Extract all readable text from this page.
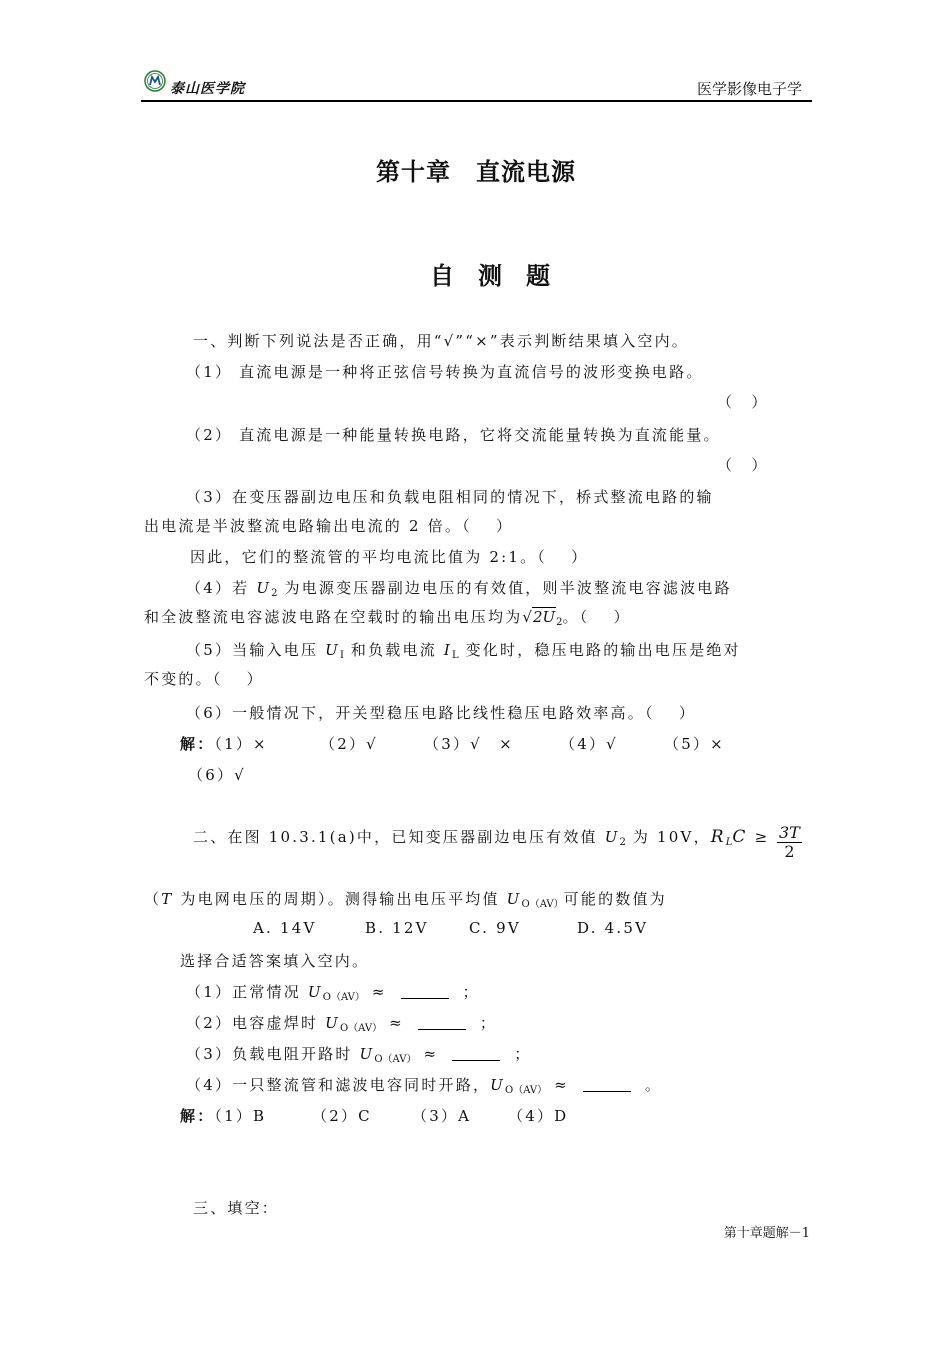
泰山医学院	医学影像电子学
第十章　直流电源
自　测　题
一、判断下列说法是否正确，用“√”“×”表示判断结果填入空内。
（1） 直流电源是一种将正弦信号转换为直流信号的波形变换电路。
（　）
（2） 直流电源是一种能量转换电路，它将交流能量转换为直流能量。
（　）
（3）在变压器副边电压和负载电阻相同的情况下，桥式整流电路的输
出电流是半波整流电路输出电流的 2 倍。（　 ）
因此，它们的整流管的平均电流比值为 2:1。（　 ）
（4）若 $U_2$ 为电源变压器副边电压的有效值，则半波整流电容滤波电路
和全波整流电容滤波电路在空载时的输出电压均为$√2U_2$。（　 ）
（5）当输入电压 $U_I$ 和负载电流 $I_L$ 变化时，稳压电路的输出电压是绝对
不变的。（　 ）
（6）一般情况下，开关型稳压电路比线性稳压电路效率高。（　 ）
解：（1）×	（2）√	（3）√　×	（4）√	（5）×
（6）√
二、在图 10.3.1(a)中，已知变压器副边电压有效值 $U_2$ 为 10V，$R_LC \ge \frac{3T}{2}$
（T 为电网电压的周期）。测得输出电压平均值 $U_{O(AV)}$可能的数值为
A. 14V	B. 12V	C. 9V	D. 4.5V
选择合适答案填入空内。
（1）正常情况 $U_{O(AV)}$ ≈	；
（2）电容虚焊时 $U_{O(AV)}$ ≈	；
（3）负载电阻开路时 $U_{O(AV)}$ ≈	；
（4）一只整流管和滤波电容同时开路，$U_{O(AV)}$ ≈	。
解：（1）B	（2）C	（3）A （4）D
三、填空：
第十章题解－1
